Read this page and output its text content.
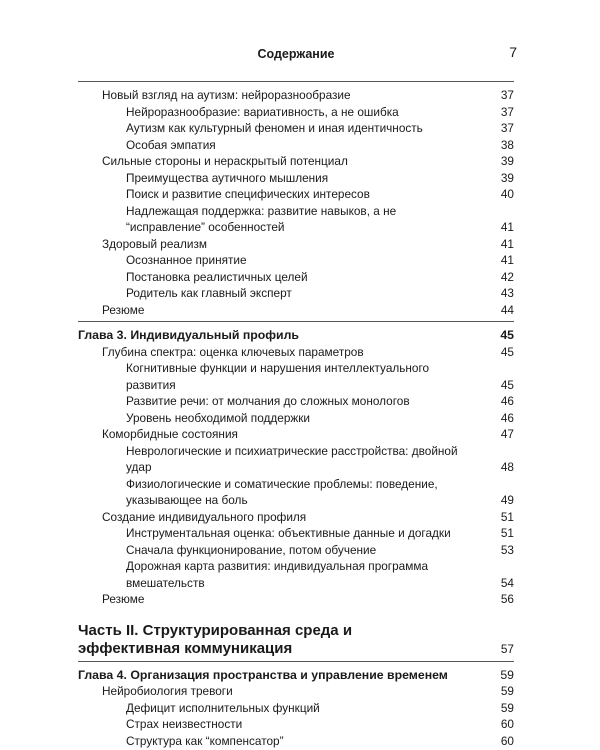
Содержание	7
Новый взгляд на аутизм: нейроразнообразие	37
Нейроразнообразие: вариативность, а не ошибка	37
Аутизм как культурный феномен и иная идентичность	37
Особая эмпатия	38
Сильные стороны и нераскрытый потенциал	39
Преимущества аутичного мышления	39
Поиск и развитие специфических интересов	40
Надлежащая поддержка: развитие навыков, а не “исправление” особенностей	41
Здоровый реализм	41
Осознанное принятие	41
Постановка реалистичных целей	42
Родитель как главный эксперт	43
Резюме	44
Глава 3. Индивидуальный профиль	45
Глубина спектра: оценка ключевых параметров	45
Когнитивные функции и нарушения интеллектуального развития	45
Развитие речи: от молчания до сложных монологов	46
Уровень необходимой поддержки	46
Коморбидные состояния	47
Неврологические и психиатрические расстройства: двойной удар	48
Физиологические и соматические проблемы: поведение, указывающее на боль	49
Создание индивидуального профиля	51
Инструментальная оценка: объективные данные и догадки	51
Сначала функционирование, потом обучение	53
Дорожная карта развития: индивидуальная программа вмешательств	54
Резюме	56
Часть II. Структурированная среда и эффективная коммуникация	57
Глава 4. Организация пространства и управление временем	59
Нейробиология тревоги	59
Дефицит исполнительных функций	59
Страх неизвестности	60
Структура как “компенсатор”	60
